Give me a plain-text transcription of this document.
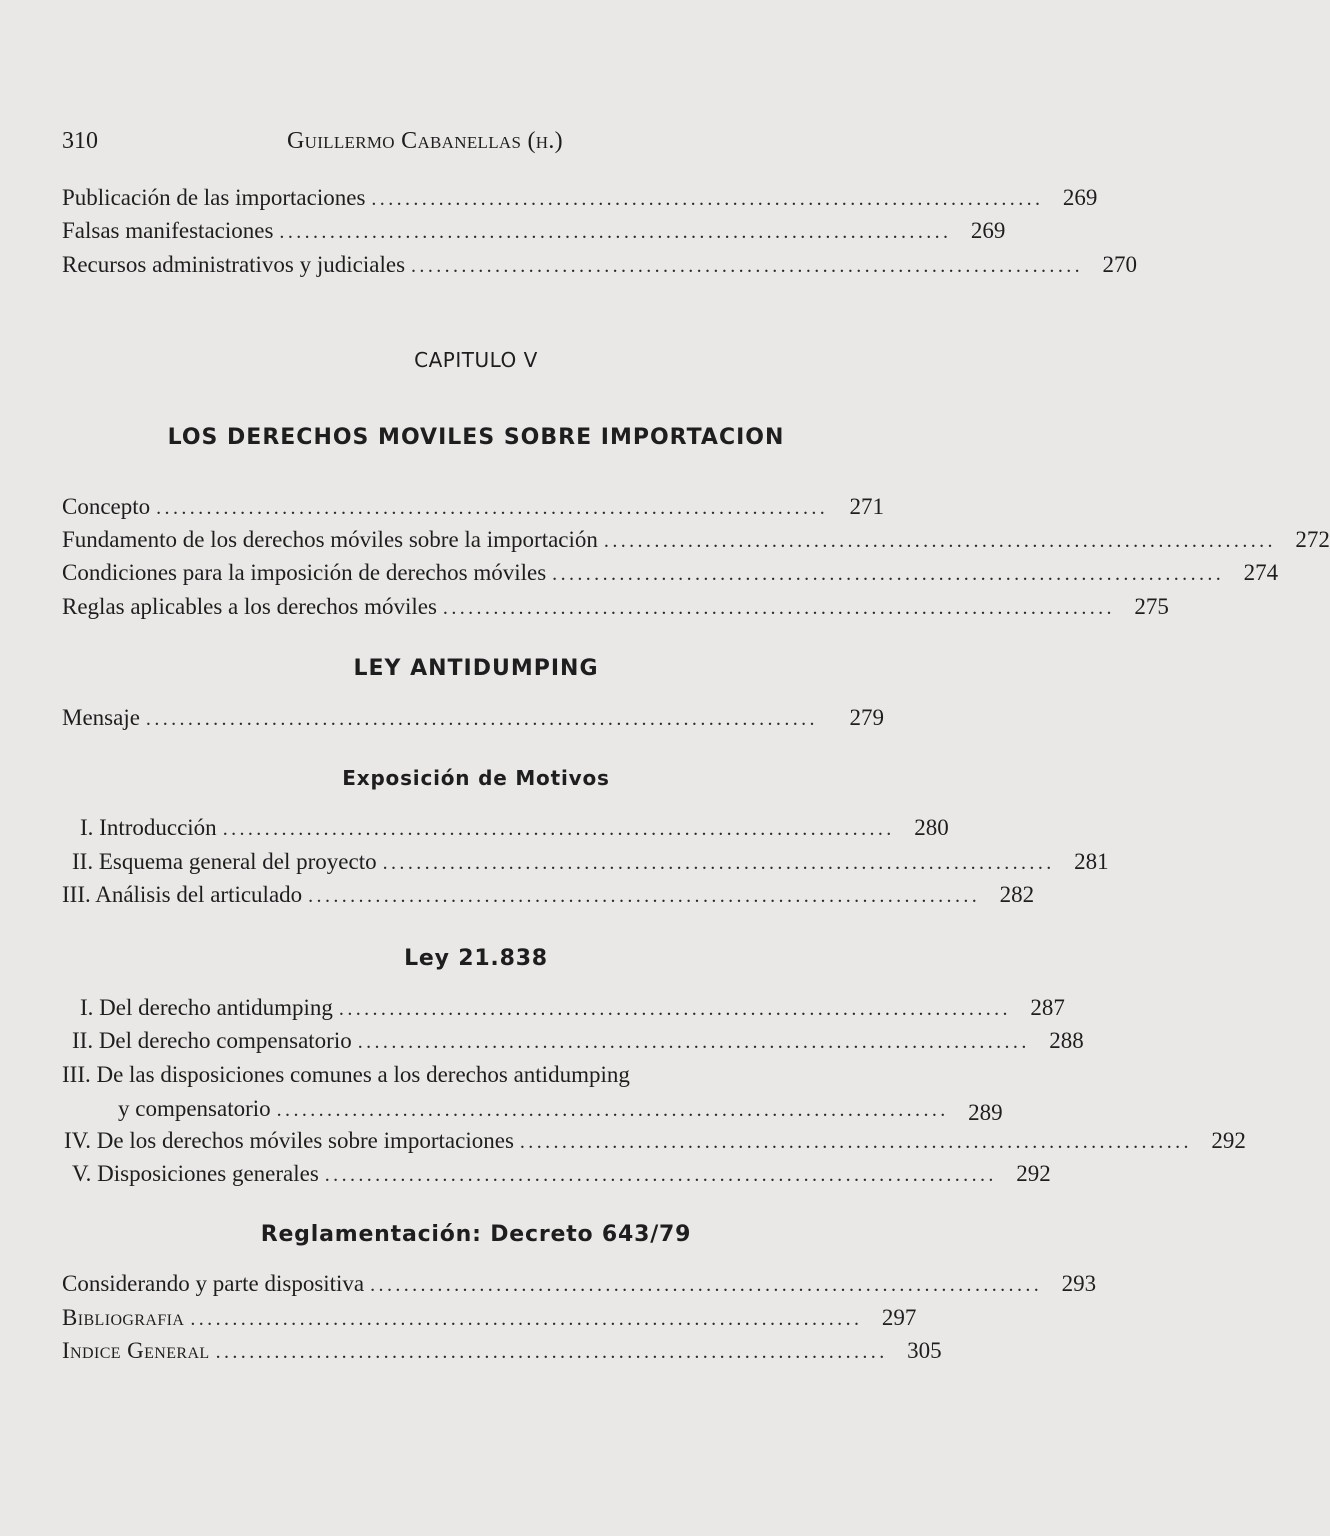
310	Guillermo Cabanellas (h.)
Publicación de las importaciones ................................................................................ 269
Falsas manifestaciones ................................................................................ 269
Recursos administrativos y judiciales ................................................................................ 270
CAPITULO V
LOS DERECHOS MOVILES SOBRE IMPORTACION
Concepto ................................................................................ 271
Fundamento de los derechos móviles sobre la importación ................................................................................ 272
Condiciones para la imposición de derechos móviles ................................................................................ 274
Reglas aplicables a los derechos móviles ................................................................................ 275
LEY ANTIDUMPING
Mensaje ................................................................................	279
Exposición de Motivos
I. Introducción ................................................................................ 280
II. Esquema general del proyecto ................................................................................ 281
III. Análisis del articulado ................................................................................ 282
Ley 21.838
I. Del derecho antidumping ................................................................................ 287
II. Del derecho compensatorio ................................................................................ 288
III. De las disposiciones comunes a los derechos antidumping
y compensatorio ................................................................................ 289
IV. De los derechos móviles sobre importaciones ................................................................................ 292
V. Disposiciones generales ................................................................................ 292
Reglamentación: Decreto 643/79
Considerando y parte dispositiva ................................................................................ 293
Bibliografia ................................................................................ 297
Indice General ................................................................................ 305
